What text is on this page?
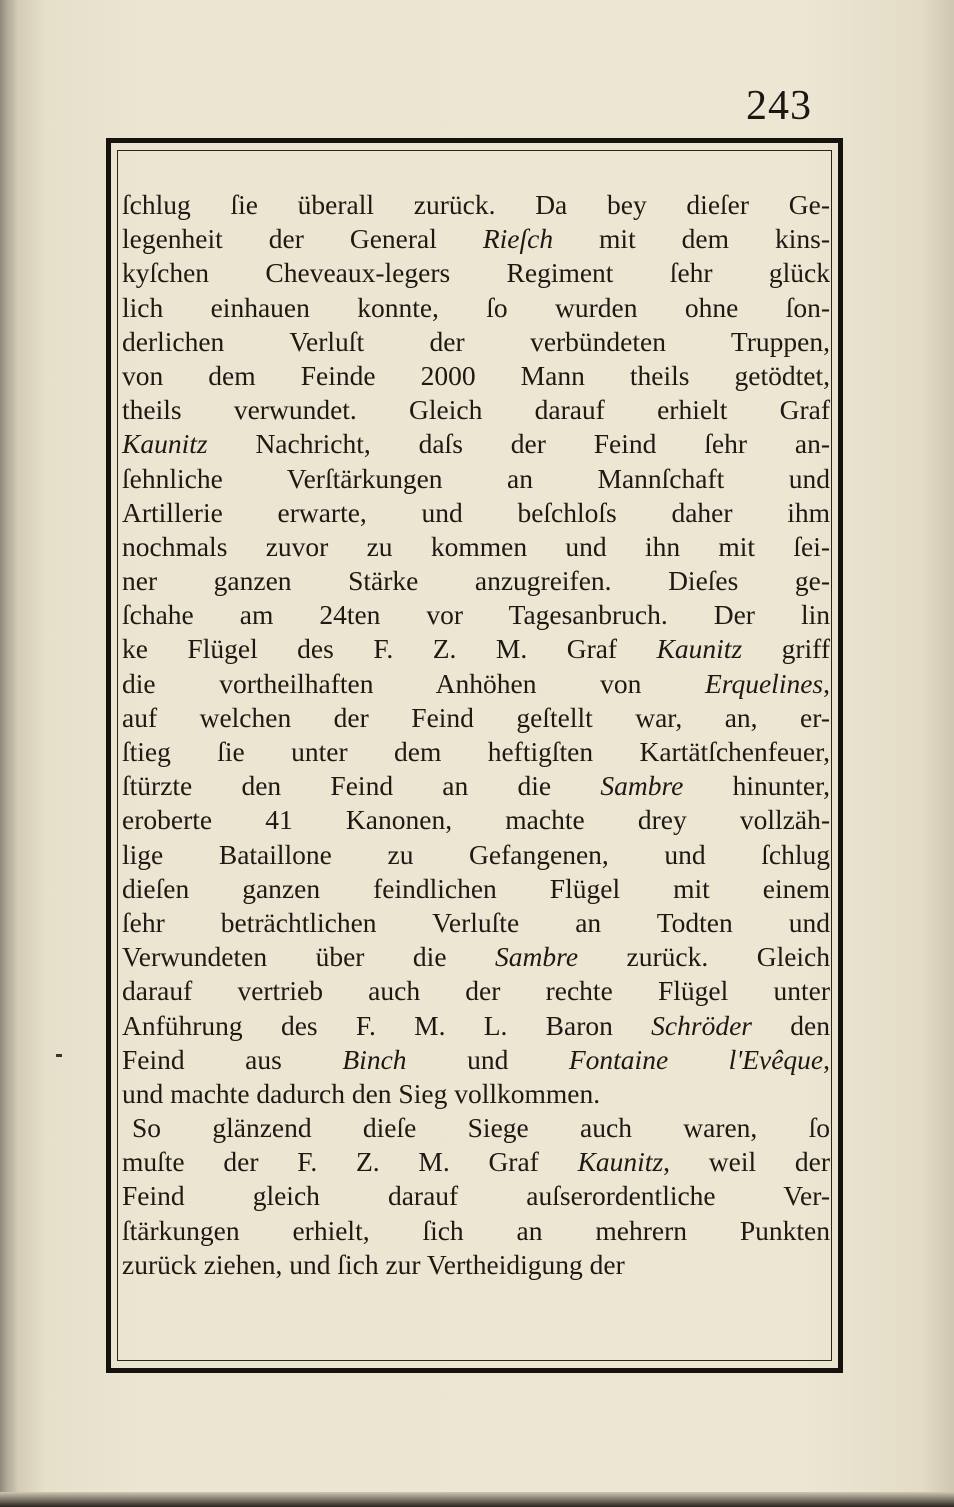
243

ſchlug ſie überall zurück. Da bey dieſer Ge-
legenheit der General Rieſch mit dem kins-
kyſchen Cheveaux-legers Regiment ſehr glück
lich einhauen konnte, ſo wurden ohne ſon-
derlichen Verluſt der verbündeten Truppen,
von dem Feinde 2000 Mann theils getödtet,
theils verwundet. Gleich darauf erhielt Graf
Kaunitz Nachricht, daſs der Feind ſehr an-
ſehnliche Verſtärkungen an Mannſchaft und
Artillerie erwarte, und beſchloſs daher ihm
nochmals zuvor zu kommen und ihn mit ſei-
ner ganzen Stärke anzugreifen. Dieſes ge-
ſchahe am 24ten vor Tagesanbruch. Der lin
ke Flügel des F. Z. M. Graf Kaunitz griff
die vortheilhaften Anhöhen von Erquelines,
auf welchen der Feind geſtellt war, an, er-
ſtieg ſie unter dem heftigſten Kartätſchenfeuer,
ſtürzte den Feind an die Sambre hinunter,
eroberte 41 Kanonen, machte drey vollzäh-
lige Bataillone zu Gefangenen, und ſchlug
dieſen ganzen feindlichen Flügel mit einem
ſehr beträchtlichen Verluſte an Todten und
Verwundeten über die Sambre zurück. Gleich
darauf vertrieb auch der rechte Flügel unter
Anführung des F. M. L. Baron Schröder den
Feind aus Binch und Fontaine l'Evêque,
und machte dadurch den Sieg vollkommen.
So glänzend dieſe Siege auch waren, ſo
muſte der F. Z. M. Graf Kaunitz, weil der
Feind gleich darauf auſserordentliche Ver-
ſtärkungen erhielt, ſich an mehrern Punkten
zurück ziehen, und ſich zur Vertheidigung der
